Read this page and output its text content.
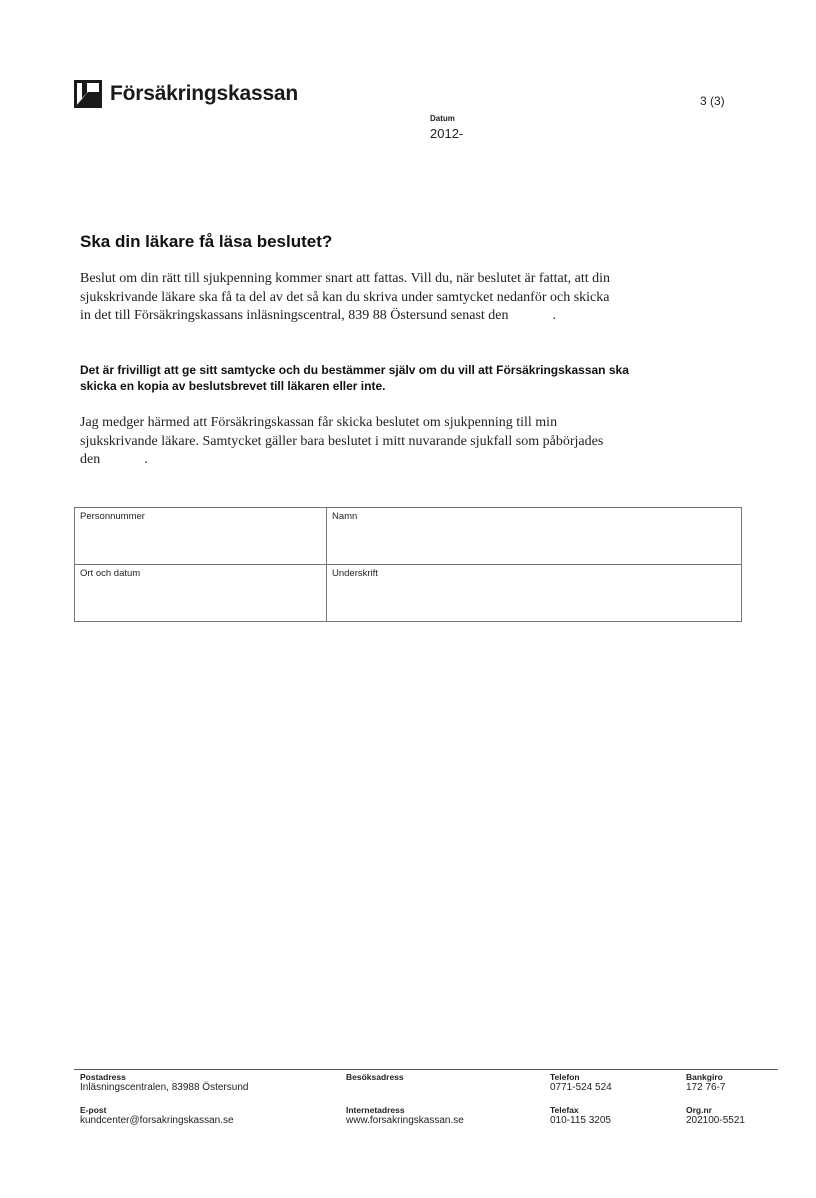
Försäkringskassan	3 (3)
Datum
2012-
Ska din läkare få läsa beslutet?

Beslut om din rätt till sjukpenning kommer snart att fattas. Vill du, när beslutet är fattat, att din sjukskrivande läkare ska få ta del av det så kan du skriva under samtycket nedanför och skicka in det till Försäkringskassans inläsningscentral, 839 88 Östersund senast den	.

Det är frivilligt att ge sitt samtycke och du bestämmer själv om du vill att Försäkringskassan ska skicka en kopia av beslutsbrevet till läkaren eller inte.

Jag medger härmed att Försäkringskassan får skicka beslutet om sjukpenning till min sjukskrivande läkare. Samtycket gäller bara beslutet i mitt nuvarande sjukfall som påbörjades den	.

Personnummer	Namn
Ort och datum	Underskrift
Postadress
Inläsningscentralen, 83988 Östersund
Besöksadress	Telefon
0771-524 524
Bankgiro
172 76-7
E-post
kundcenter@forsakringskassan.se
Internetadress
www.forsakringskassan.se
Telefax
010-115 3205
Org.nr
202100-5521
